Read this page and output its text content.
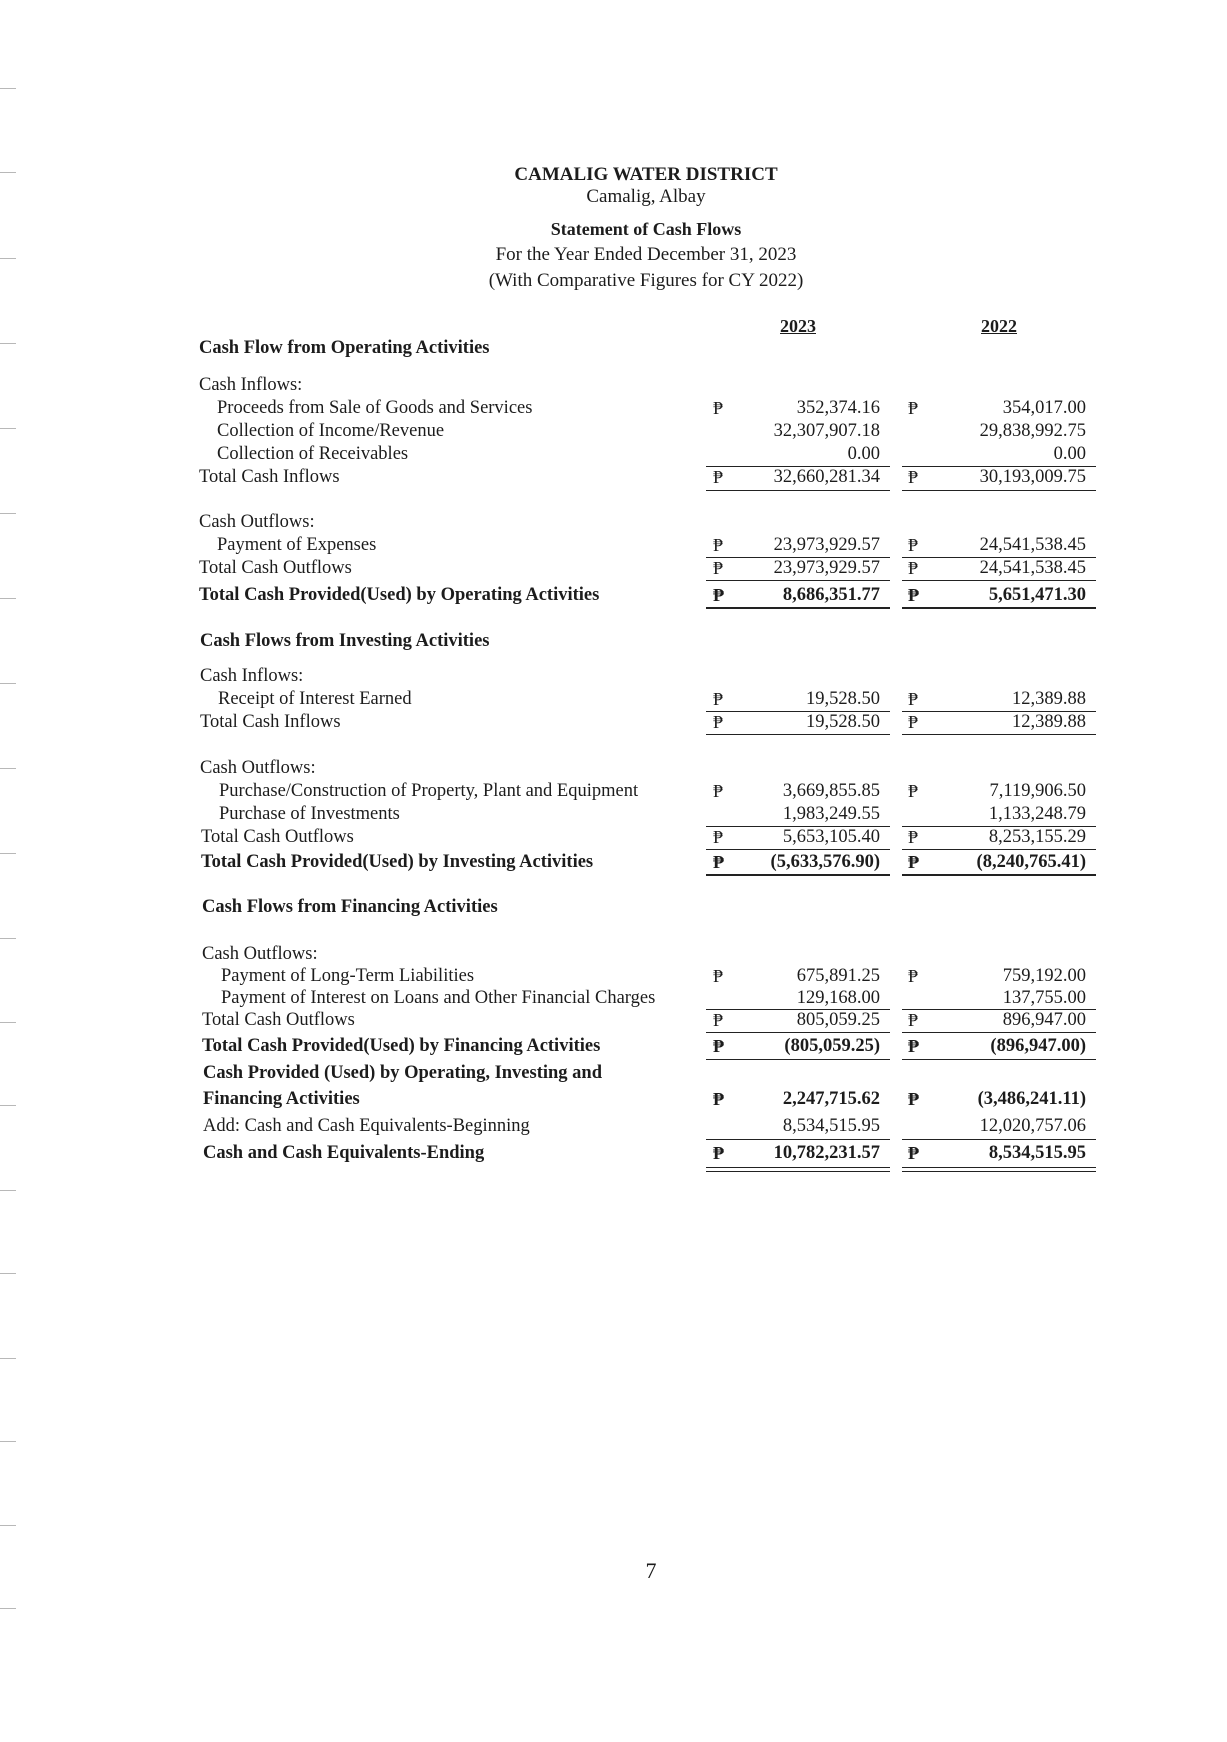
CAMALIG WATER DISTRICT
Camalig, Albay
Statement of Cash Flows
For the Year Ended December 31, 2023
(With Comparative Figures for CY 2022)
2023	2022
Cash Flow from Operating Activities
Cash Inflows:
Proceeds from Sale of Goods and Services	₱	352,374.16 ₱	354,017.00
Collection of Income/Revenue	32,307,907.18	29,838,992.75
Collection of Receivables	0.00	0.00
Total Cash Inflows	₱	32,660,281.34 ₱	30,193,009.75
Cash Outflows:
Payment of Expenses	₱	23,973,929.57 ₱	24,541,538.45
Total Cash Outflows	₱	23,973,929.57 ₱	24,541,538.45
Total Cash Provided(Used) by Operating Activities	₱	8,686,351.77 ₱	5,651,471.30
Cash Flows from Investing Activities
Cash Inflows:
Receipt of Interest Earned	₱	19,528.50 ₱	12,389.88
Total Cash Inflows	₱	19,528.50 ₱	12,389.88
Cash Outflows:
Purchase/Construction of Property, Plant and Equipment	₱	3,669,855.85 ₱	7,119,906.50
Purchase of Investments	1,983,249.55	1,133,248.79
Total Cash Outflows	₱	5,653,105.40 ₱	8,253,155.29
Total Cash Provided(Used) by Investing Activities	₱	(5,633,576.90) ₱	(8,240,765.41)
Cash Flows from Financing Activities
Cash Outflows:
Payment of Long-Term Liabilities	₱	675,891.25 ₱	759,192.00
Payment of Interest on Loans and Other Financial Charges	129,168.00	137,755.00
Total Cash Outflows	₱	805,059.25 ₱	896,947.00
Total Cash Provided(Used) by Financing Activities	₱	(805,059.25) ₱	(896,947.00)
Cash Provided (Used) by Operating, Investing and
Financing Activities	₱	2,247,715.62 ₱	(3,486,241.11)
Add: Cash and Cash Equivalents-Beginning	8,534,515.95	12,020,757.06
Cash and Cash Equivalents-Ending	₱	10,782,231.57 ₱	8,534,515.95
7
